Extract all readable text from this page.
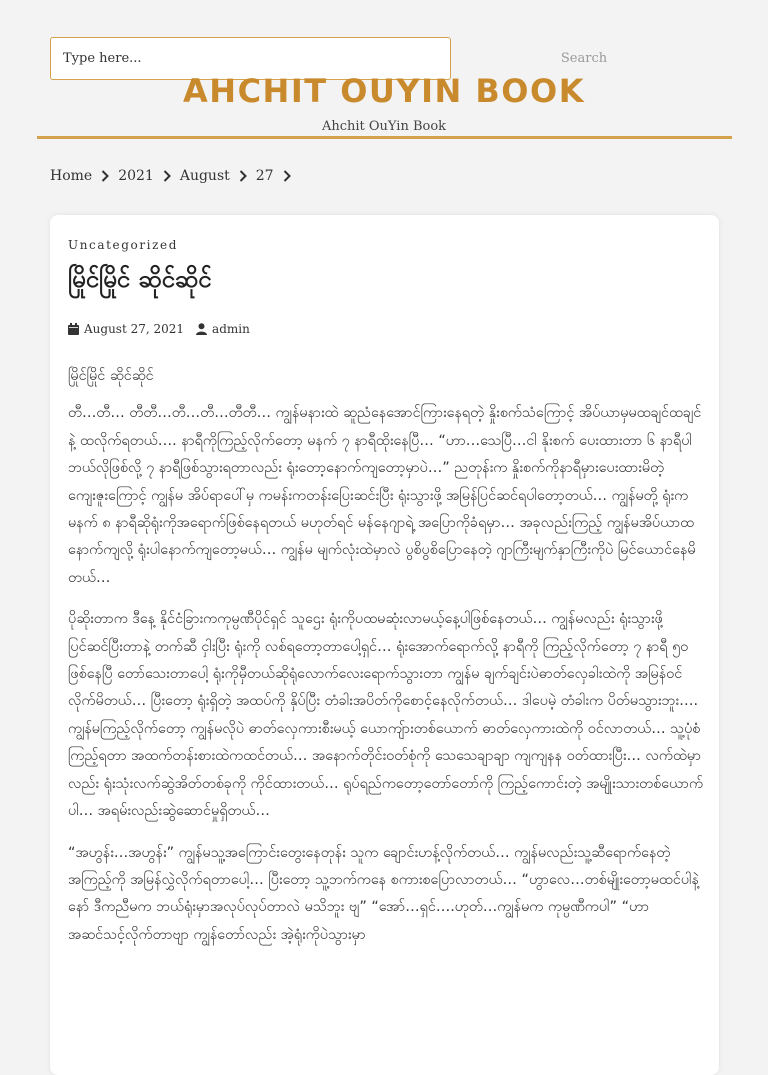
Type here...
Search
AHCHIT OUYIN BOOK
Ahchit OuYin Book
Home 2021 August 27
Uncategorized
မြိုင်မြိုင် ဆိုင်ဆိုင်
August 27, 2021 admin

မြိုင်မြိုင် ဆိုင်ဆိုင်

တီ…တီ… တီတီ…တီ…တီ…တီတီ… ကျွန်မနားထဲ ဆူညံနေအောင်ကြားနေရတဲ့ နှိုးစက်သံကြောင့် အိပ်ယာမှမထချင်ထချင်နဲ့ ထလိုက်ရတယ်…. နာရီကိုကြည့်လိုက်တော့ မနက် ၇ နာရီထိုးနေပြီ… “ဟာ…သေပြီ…ငါ နိုးစက် ပေးထားတာ ၆ နာရီပါ ဘယ်လိုဖြစ်လို့ ၇ နာရီဖြစ်သွားရတာလည်း ရုံးတော့နောက်ကျတော့မှာပဲ…” ညတုန်းက နှိုးစက်ကိုနာရီမှားပေးထားမိတဲ့ ကျေးဇူးကြောင့် ကျွန်မ အိပ်ရာပေါ်မှ ကမန်းကတန်းပြေးဆင်းပြီး ရုံးသွားဖို့ အမြန်ပြင်ဆင်ရပါတော့တယ်… ကျွန်မတို့ ရုံးကမနက် ၈ နာရီဆိုရုံးကိုအရောက်ဖြစ်နေရတယ် မဟုတ်ရင် မန်နေဂျာရဲ့ အပြောကိုခံရမှာ… အခုလည်းကြည့် ကျွန်မအိပ်ယာထနောက်ကျလို့ ရုံးပါနောက်ကျတော့မယ်… ကျွန်မ မျက်လုံးထဲမှာလဲ ပွစိပွစိပြောနေတဲ့ ဂျာကြီးမျက်နှာကြီးကိုပဲ မြင်ယောင်နေမိတယ်…

ပိုဆိုးတာက ဒီနေ့ နိုင်ငံခြားကကုမ္ပဏီပိုင်ရှင် သူဌေး ရုံးကိုပထမဆုံးလာမယ့်နေ့ပါဖြစ်နေတယ်… ကျွန်မလည်း ရုံးသွားဖို့ ပြင်ဆင်ပြီးတာနဲ့ တက်ဆီ ငှါးပြီး ရုံးကို လစ်ရတော့တာပေါ့ရှင်… ရုံးအောက်ရောက်လို့ နာရီကို ကြည့်လိုက်တော့ ၇ နာရီ ၅၀ ဖြစ်နေပြီ တော်သေးတာပေါ့ ရုံးကိုမှီတယ်ဆိုရုံလောက်လေးရောက်သွားတာ ကျွန်မ ချက်ချင်းပဲဓာတ်လှေခါးထဲကို အမြန်ဝင်လိုက်မိတယ်… ပြီးတော့ ရုံးရှိတဲ့ အထပ်ကို နှိပ်ပြီး တံခါးအပိတ်ကိုစောင့်နေလိုက်တယ်… ဒါပေမဲ့ တံခါးက ပိတ်မသွားဘူး…. ကျွန်မကြည့်လိုက်တော့ ကျွန်မလိုပဲ ဓာတ်လှေကားစီးမယ့် ယောကျ်ားတစ်ယောက် ဓာတ်လှေကားထဲကို ဝင်လာတယ်… သူ့ပုံစံကြည့်ရတာ အထက်တန်းစားထဲကထင်တယ်… အနောက်တိုင်းဝတ်စုံကို သေသေချာချာ ကျကျနန ဝတ်ထားပြီး… လက်ထဲမှာလည်း ရုံးသုံးလက်ဆွဲအိတ်တစ်ခုကို ကိုင်ထားတယ်… ရုပ်ရည်ကတော့တော်တော်ကို ကြည့်ကောင်းတဲ့ အမျိုးသားတစ်ယောက်ပါ… အရမ်းလည်းဆွဲဆောင်မှုရှိတယ်…

“အဟွန်း…အဟွန်း” ကျွန်မသူ့အကြောင်းတွေးနေတုန်း သူက ချောင်းဟန့်လိုက်တယ်… ကျွန်မလည်းသူ့ဆီရောက်နေတဲ့ အကြည့်ကို အမြန်လွှဲလိုက်ရတာပေါ့… ပြီးတော့ သူ့ဘက်ကနေ စကားစပြောလာတယ်… “ဟွာလေ…တစ်မျိုးတော့မထင်ပါနဲ့နော် ဒီကညီမက ဘယ်ရုံးမှာအလုပ်လုပ်တာလဲ မသိဘူး ဗျ” “အော်…ရှင်….ဟုတ်…ကျွန်မက ကုမ္ပဏီကပါ” “ဟာ အဆင်သင့်လိုက်တာဗျာ ကျွန်တော်လည်း အဲ့ရုံးကိုပဲသွားမှာ
